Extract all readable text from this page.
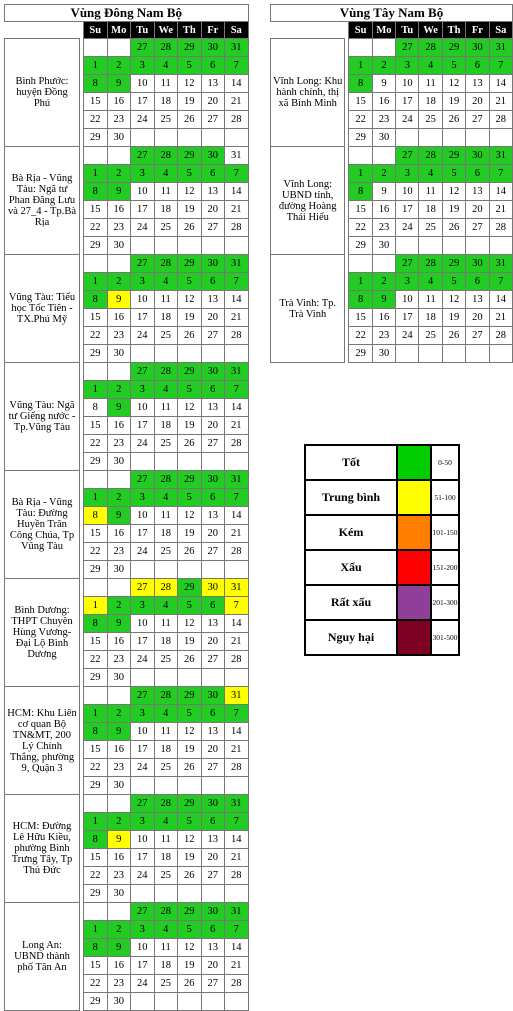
Vùng Đông Nam Bộ								
		Su	Mo	Tu	We	Th	Fr	Sa
Bình Phước: huyện Đồng Phú				27	28	29	30	31
		1	2	3	4	5	6	7
		8	9	10	11	12	13	14
		15	16	17	18	19	20	21
		22	23	24	25	26	27	28
		29	30					
Bà Rịa - Vũng Tàu: Ngã tư Phan Đăng Lưu và 27_4 - Tp.Bà Rịa				27	28	29	30	31
		1	2	3	4	5	6	7
		8	9	10	11	12	13	14
		15	16	17	18	19	20	21
		22	23	24	25	26	27	28
		29	30					
Vũng Tàu: Tiểu học Tốc Tiên - TX.Phú Mỹ				27	28	29	30	31
		1	2	3	4	5	6	7
		8	9	10	11	12	13	14
		15	16	17	18	19	20	21
		22	23	24	25	26	27	28
		29	30					
Vũng Tàu: Ngã tư Giếng nước - Tp.Vũng Tàu				27	28	29	30	31
		1	2	3	4	5	6	7
		8	9	10	11	12	13	14
		15	16	17	18	19	20	21
		22	23	24	25	26	27	28
		29	30					
Bà Rịa - Vũng Tàu: Đường Huyền Trân Công Chúa, Tp Vũng Tàu				27	28	29	30	31
		1	2	3	4	5	6	7
		8	9	10	11	12	13	14
		15	16	17	18	19	20	21
		22	23	24	25	26	27	28
		29	30					
Bình Dương: THPT Chuyên Hùng Vương- Đại Lộ Bình Dương				27	28	29	30	31
		1	2	3	4	5	6	7
		8	9	10	11	12	13	14
		15	16	17	18	19	20	21
		22	23	24	25	26	27	28
		29	30					
HCM: Khu Liên cơ quan Bộ TN&MT, 200 Lý Chính Thắng, phường 9, Quận 3				27	28	29	30	31
		1	2	3	4	5	6	7
		8	9	10	11	12	13	14
		15	16	17	18	19	20	21
		22	23	24	25	26	27	28
		29	30					
HCM: Đường Lê Hữu Kiều, phường Bình Trưng Tây, Tp Thủ Đức				27	28	29	30	31
		1	2	3	4	5	6	7
		8	9	10	11	12	13	14
		15	16	17	18	19	20	21
		22	23	24	25	26	27	28
		29	30					
Long An: UBND thành phố Tân An				27	28	29	30	31
		1	2	3	4	5	6	7
		8	9	10	11	12	13	14
		15	16	17	18	19	20	21
		22	23	24	25	26	27	28
		29	30					
Vùng Tây Nam Bộ								
		Su	Mo	Tu	We	Th	Fr	Sa
Vĩnh Long: Khu hành chính, thị xã Bình Minh				27	28	29	30	31
		1	2	3	4	5	6	7
		8	9	10	11	12	13	14
		15	16	17	18	19	20	21
		22	23	24	25	26	27	28
		29	30					
Vĩnh Long: UBND tỉnh, đường Hoàng Thái Hiếu				27	28	29	30	31
		1	2	3	4	5	6	7
		8	9	10	11	12	13	14
		15	16	17	18	19	20	21
		22	23	24	25	26	27	28
		29	30					
Trà Vinh: Tp. Trà Vinh				27	28	29	30	31
		1	2	3	4	5	6	7
		8	9	10	11	12	13	14
		15	16	17	18	19	20	21
		22	23	24	25	26	27	28
		29	30					
Tốt		0-50
Trung bình		51-100
Kém		101-150
Xấu		151-200
Rất xấu		201-300
Nguy hại		301-500
